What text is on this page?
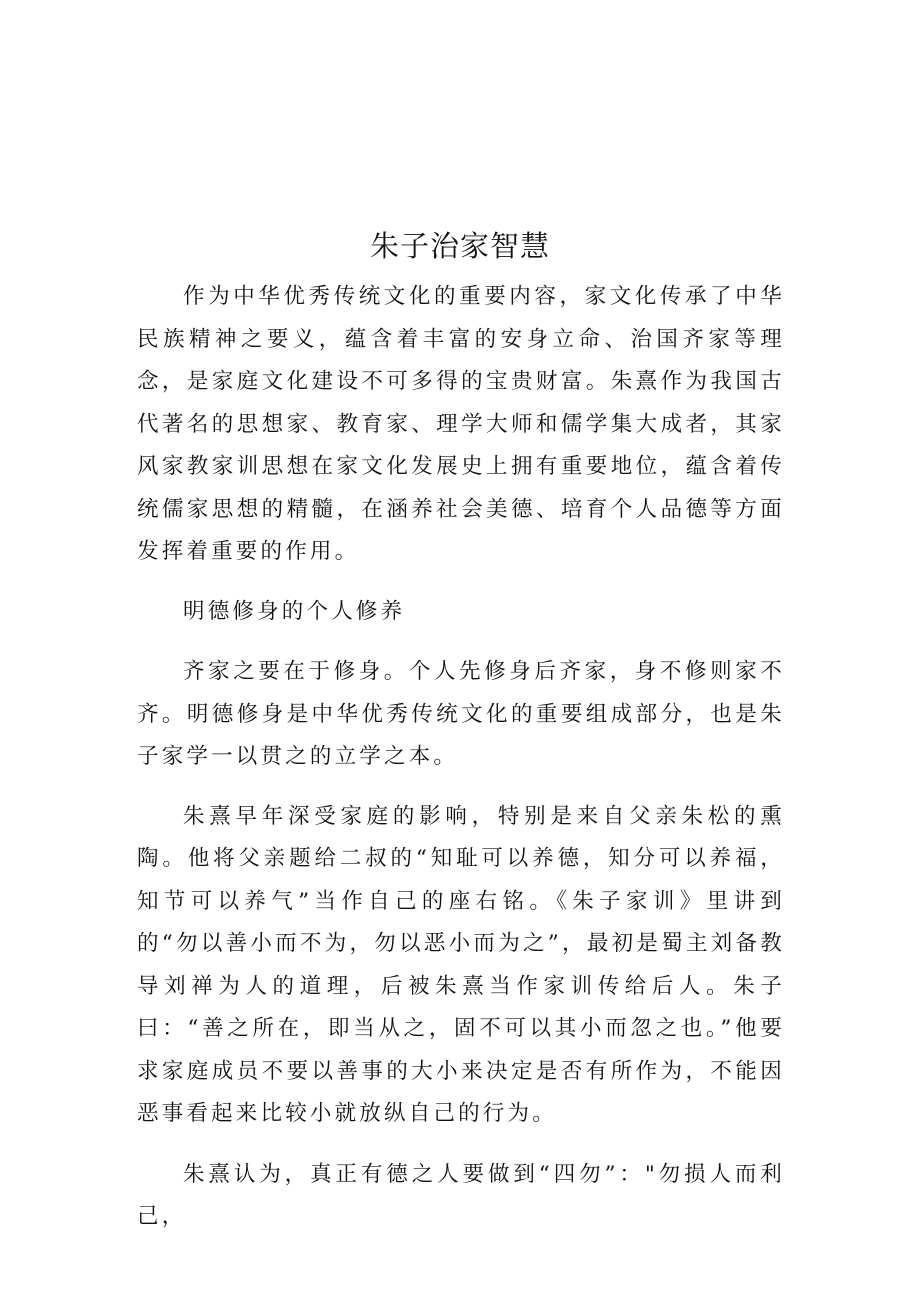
朱子治家智慧

作为中华优秀传统文化的重要内容，家文化传承了中华民族精神之要义，蕴含着丰富的安身立命、治国齐家等理念，是家庭文化建设不可多得的宝贵财富。朱熹作为我国古代著名的思想家、教育家、理学大师和儒学集大成者，其家风家教家训思想在家文化发展史上拥有重要地位，蕴含着传统儒家思想的精髓，在涵养社会美德、培育个人品德等方面发挥着重要的作用。

明德修身的个人修养

齐家之要在于修身。个人先修身后齐家，身不修则家不齐。明德修身是中华优秀传统文化的重要组成部分，也是朱子家学一以贯之的立学之本。

朱熹早年深受家庭的影响，特别是来自父亲朱松的熏陶。他将父亲题给二叔的“知耻可以养德，知分可以养福，知节可以养气”当作自己的座右铭。《朱子家训》里讲到的“勿以善小而不为，勿以恶小而为之”，最初是蜀主刘备教导刘禅为人的道理，后被朱熹当作家训传给后人。朱子曰：“善之所在，即当从之，固不可以其小而忽之也。”他要求家庭成员不要以善事的大小来决定是否有所作为，不能因恶事看起来比较小就放纵自己的行为。

朱熹认为，真正有德之人要做到“四勿”："勿损人而利己，
